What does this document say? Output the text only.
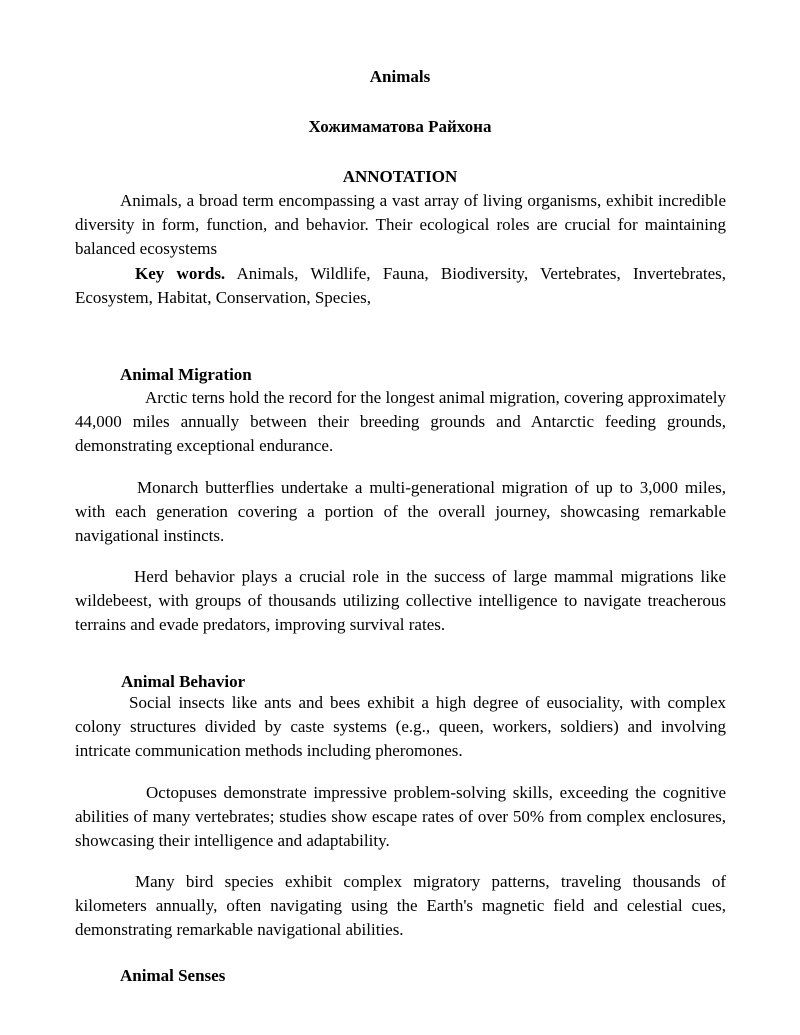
Animals
Хожимаматова Райхона
ANNOTATION
Animals, a broad term encompassing a vast array of living organisms, exhibit incredible diversity in form, function, and behavior. Their ecological roles are crucial for maintaining balanced ecosystems
Key words. Animals, Wildlife, Fauna, Biodiversity, Vertebrates, Invertebrates, Ecosystem, Habitat, Conservation, Species,
Animal Migration
Arctic terns hold the record for the longest animal migration, covering approximately 44,000 miles annually between their breeding grounds and Antarctic feeding grounds, demonstrating exceptional endurance.
Monarch butterflies undertake a multi-generational migration of up to 3,000 miles, with each generation covering a portion of the overall journey, showcasing remarkable navigational instincts.
Herd behavior plays a crucial role in the success of large mammal migrations like wildebeest, with groups of thousands utilizing collective intelligence to navigate treacherous terrains and evade predators, improving survival rates.
Animal Behavior
Social insects like ants and bees exhibit a high degree of eusociality, with complex colony structures divided by caste systems (e.g., queen, workers, soldiers) and involving intricate communication methods including pheromones.
Octopuses demonstrate impressive problem-solving skills, exceeding the cognitive abilities of many vertebrates; studies show escape rates of over 50% from complex enclosures, showcasing their intelligence and adaptability.
Many bird species exhibit complex migratory patterns, traveling thousands of kilometers annually, often navigating using the Earth's magnetic field and celestial cues, demonstrating remarkable navigational abilities.
Animal Senses
